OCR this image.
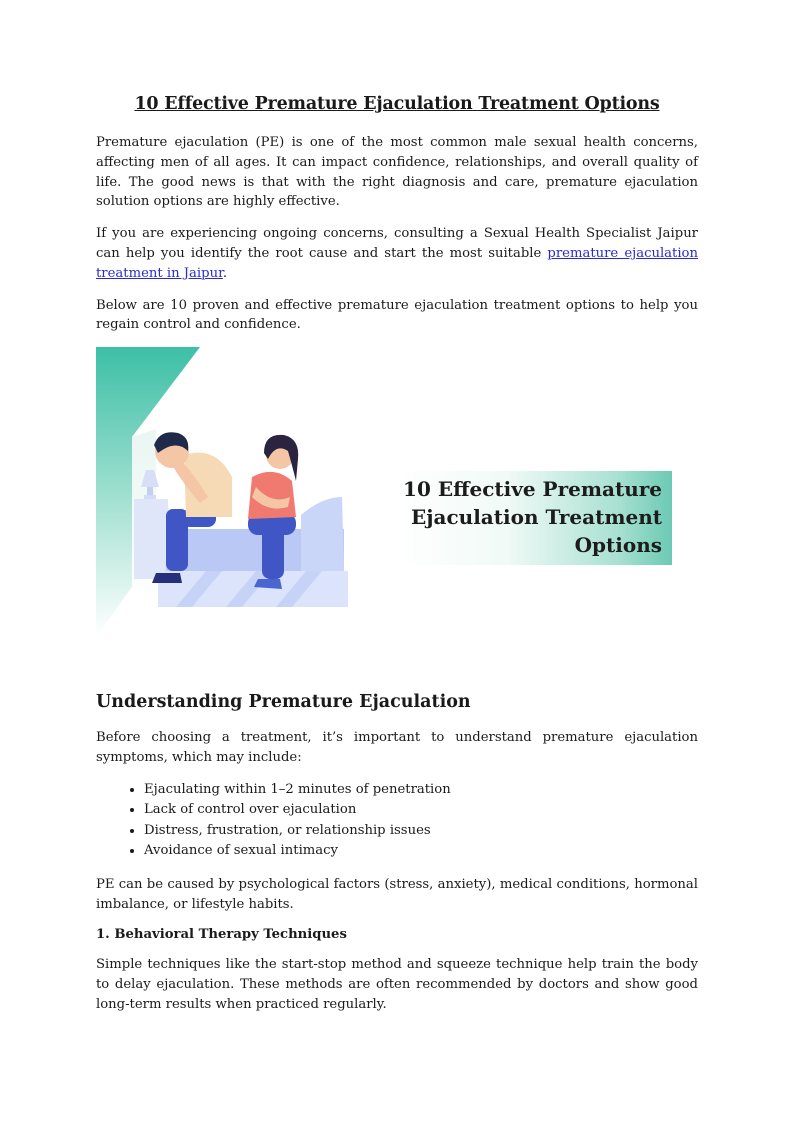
10 Effective Premature Ejaculation Treatment Options

Premature ejaculation (PE) is one of the most common male sexual health concerns, affecting men of all ages. It can impact confidence, relationships, and overall quality of life. The good news is that with the right diagnosis and care, premature ejaculation solution options are highly effective.

If you are experiencing ongoing concerns, consulting a Sexual Health Specialist Jaipur can help you identify the root cause and start the most suitable premature ejaculation treatment in Jaipur.

Below are 10 proven and effective premature ejaculation treatment options to help you regain control and confidence.

10 Effective Premature
Ejaculation Treatment
Options
Understanding Premature Ejaculation

Before choosing a treatment, it’s important to understand premature ejaculation symptoms, which may include:

• Ejaculating within 1–2 minutes of penetration
• Lack of control over ejaculation
• Distress, frustration, or relationship issues
• Avoidance of sexual intimacy

PE can be caused by psychological factors (stress, anxiety), medical conditions, hormonal imbalance, or lifestyle habits.

1. Behavioral Therapy Techniques

Simple techniques like the start-stop method and squeeze technique help train the body to delay ejaculation. These methods are often recommended by doctors and show good long-term results when practiced regularly.
